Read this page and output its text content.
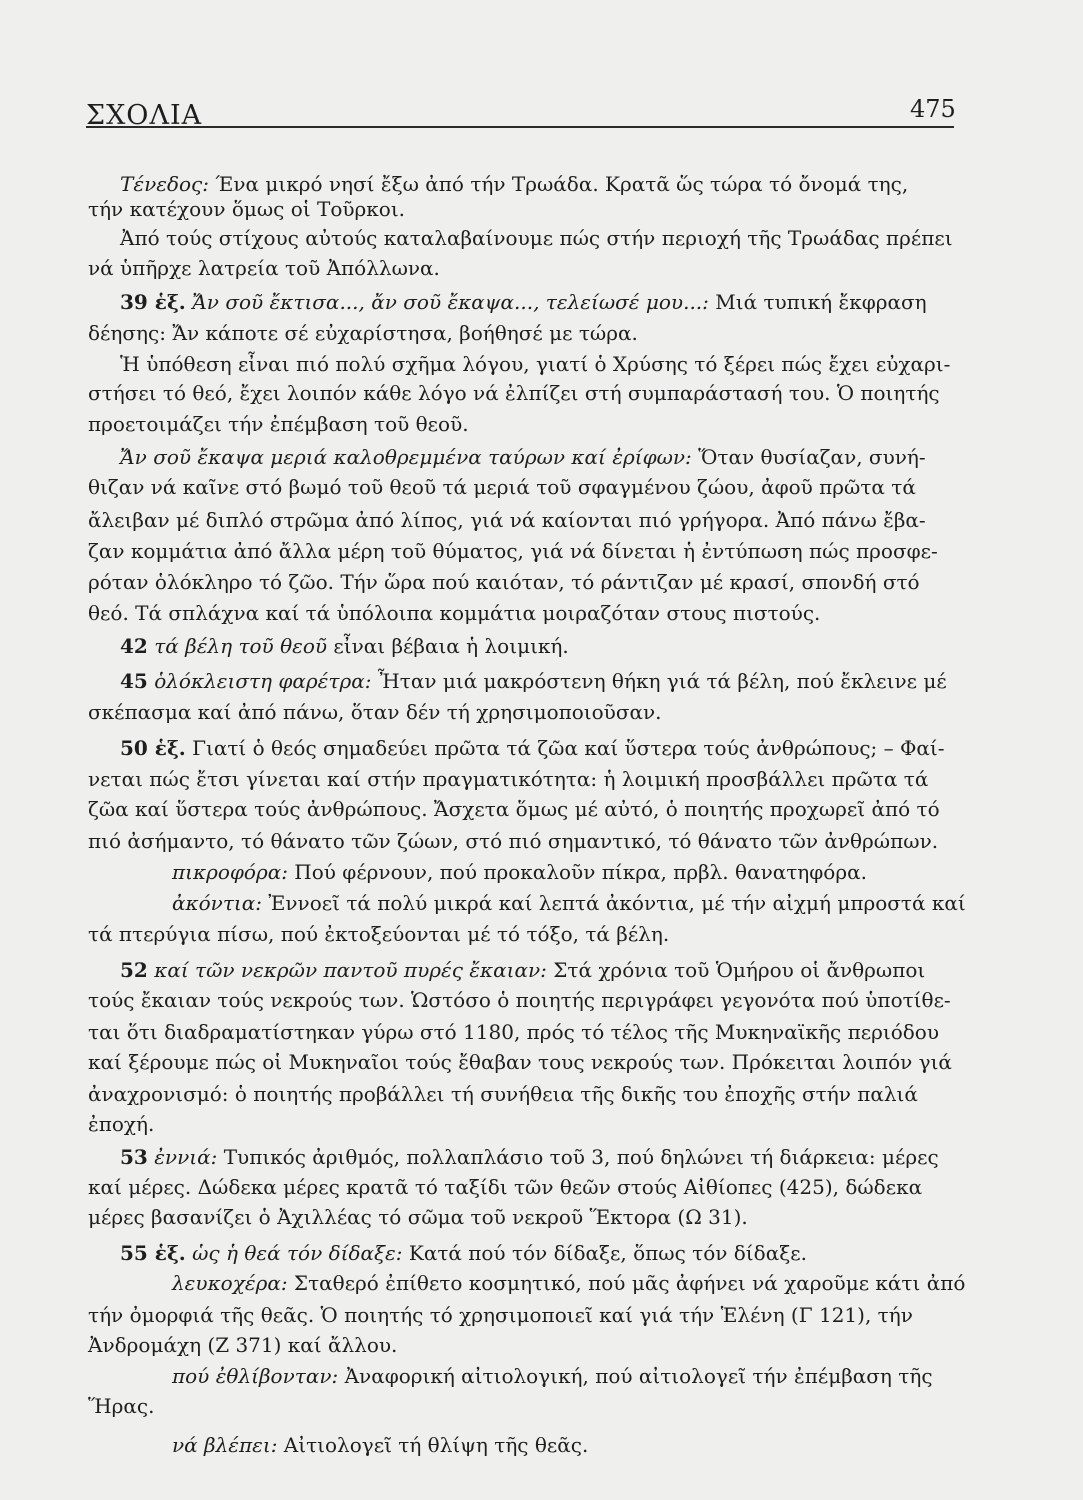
ΣΧΟΛΙΑ	475
Τένεδος: Ένα μικρό νησί ἔξω ἀπό τήν Τρωάδα. Κρατᾶ ὥς τώρα τό ὄνομά της,
τήν κατέχουν ὅμως οἱ Τοῦρκοι.
Ἀπό τούς στίχους αὐτούς καταλαβαίνουμε πώς στήν περιοχή τῆς Τρωάδας πρέπει
νά ὑπῆρχε λατρεία τοῦ Ἀπόλλωνα.
39 ἑξ. Ἄν σοῦ ἔκτισα..., ἄν σοῦ ἔκαψα..., τελείωσέ μου...: Μιά τυπική ἔκφραση
δέησης: Ἄν κάποτε σέ εὐχαρίστησα, βοήθησέ με τώρα.
Ἡ ὑπόθεση εἶναι πιό πολύ σχῆμα λόγου, γιατί ὁ Χρύσης τό ξέρει πώς ἔχει εὐχαρι-
στήσει τό θεό, ἔχει λοιπόν κάθε λόγο νά ἐλπίζει στή συμπαράστασή του. Ὁ ποιητής
προετοιμάζει τήν ἐπέμβαση τοῦ θεοῦ.
Ἄν σοῦ ἔκαψα μεριά καλοθρεμμένα ταύρων καί ἐρίφων: Ὅταν θυσίαζαν, συνή-
θιζαν νά καῖνε στό βωμό τοῦ θεοῦ τά μεριά τοῦ σφαγμένου ζώου, ἀφοῦ πρῶτα τά
ἄλειβαν μέ διπλό στρῶμα ἀπό λίπος, γιά νά καίονται πιό γρήγορα. Ἀπό πάνω ἔβα-
ζαν κομμάτια ἀπό ἄλλα μέρη τοῦ θύματος, γιά νά δίνεται ἡ ἐντύπωση πώς προσφε-
ρόταν ὁλόκληρο τό ζῶο. Τήν ὥρα πού καιόταν, τό ράντιζαν μέ κρασί, σπονδή στό
θεό. Τά σπλάχνα καί τά ὑπόλοιπα κομμάτια μοιραζόταν στους πιστούς.
42 τά βέλη τοῦ θεοῦ εἶναι βέβαια ἡ λοιμική.
45 ὁλόκλειστη φαρέτρα: Ἦταν μιά μακρόστενη θήκη γιά τά βέλη, πού ἔκλεινε μέ
σκέπασμα καί ἀπό πάνω, ὅταν δέν τή χρησιμοποιοῦσαν.
50 ἑξ. Γιατί ὁ θεός σημαδεύει πρῶτα τά ζῶα καί ὕστερα τούς ἀνθρώπους; – Φαί-
νεται πώς ἔτσι γίνεται καί στήν πραγματικότητα: ἡ λοιμική προσβάλλει πρῶτα τά
ζῶα καί ὕστερα τούς ἀνθρώπους. Ἄσχετα ὅμως μέ αὐτό, ὁ ποιητής προχωρεῖ ἀπό τό
πιό ἀσήμαντο, τό θάνατο τῶν ζώων, στό πιό σημαντικό, τό θάνατο τῶν ἀνθρώπων.
πικροφόρα: Πού φέρνουν, πού προκαλοῦν πίκρα, πρβλ. θανατηφόρα.
ἀκόντια: Ἐννοεῖ τά πολύ μικρά καί λεπτά ἀκόντια, μέ τήν αἰχμή μπροστά καί
τά πτερύγια πίσω, πού ἐκτοξεύονται μέ τό τόξο, τά βέλη.
52 καί τῶν νεκρῶν παντοῦ πυρές ἔκαιαν: Στά χρόνια τοῦ Ὁμήρου οἱ ἄνθρωποι
τούς ἔκαιαν τούς νεκρούς των. Ὡστόσο ὁ ποιητής περιγράφει γεγονότα πού ὑποτίθε-
ται ὅτι διαδραματίστηκαν γύρω στό 1180, πρός τό τέλος τῆς Μυκηναϊκῆς περιόδου
καί ξέρουμε πώς οἱ Μυκηναῖοι τούς ἔθαβαν τους νεκρούς των. Πρόκειται λοιπόν γιά
ἀναχρονισμό: ὁ ποιητής προβάλλει τή συνήθεια τῆς δικῆς του ἐποχῆς στήν παλιά
ἐποχή.
53 ἐννιά: Τυπικός ἀριθμός, πολλαπλάσιο τοῦ 3, πού δηλώνει τή διάρκεια: μέρες
καί μέρες. Δώδεκα μέρες κρατᾶ τό ταξίδι τῶν θεῶν στούς Αἰθίοπες (425), δώδεκα
μέρες βασανίζει ὁ Ἀχιλλέας τό σῶμα τοῦ νεκροῦ Ἕκτορα (Ω 31).
55 ἑξ. ὡς ἡ θεά τόν δίδαξε: Κατά πού τόν δίδαξε, ὅπως τόν δίδαξε.
λευκοχέρα: Σταθερό ἐπίθετο κοσμητικό, πού μᾶς ἀφήνει νά χαροῦμε κάτι ἀπό
τήν ὀμορφιά τῆς θεᾶς. Ὁ ποιητής τό χρησιμοποιεῖ καί γιά τήν Ἑλένη (Γ 121), τήν
Ἀνδρομάχη (Ζ 371) καί ἄλλου.
πού ἐθλίβονταν: Ἀναφορική αἰτιολογική, πού αἰτιολογεῖ τήν ἐπέμβαση τῆς
Ἥρας.
νά βλέπει: Αἰτιολογεῖ τή θλίψη τῆς θεᾶς.
